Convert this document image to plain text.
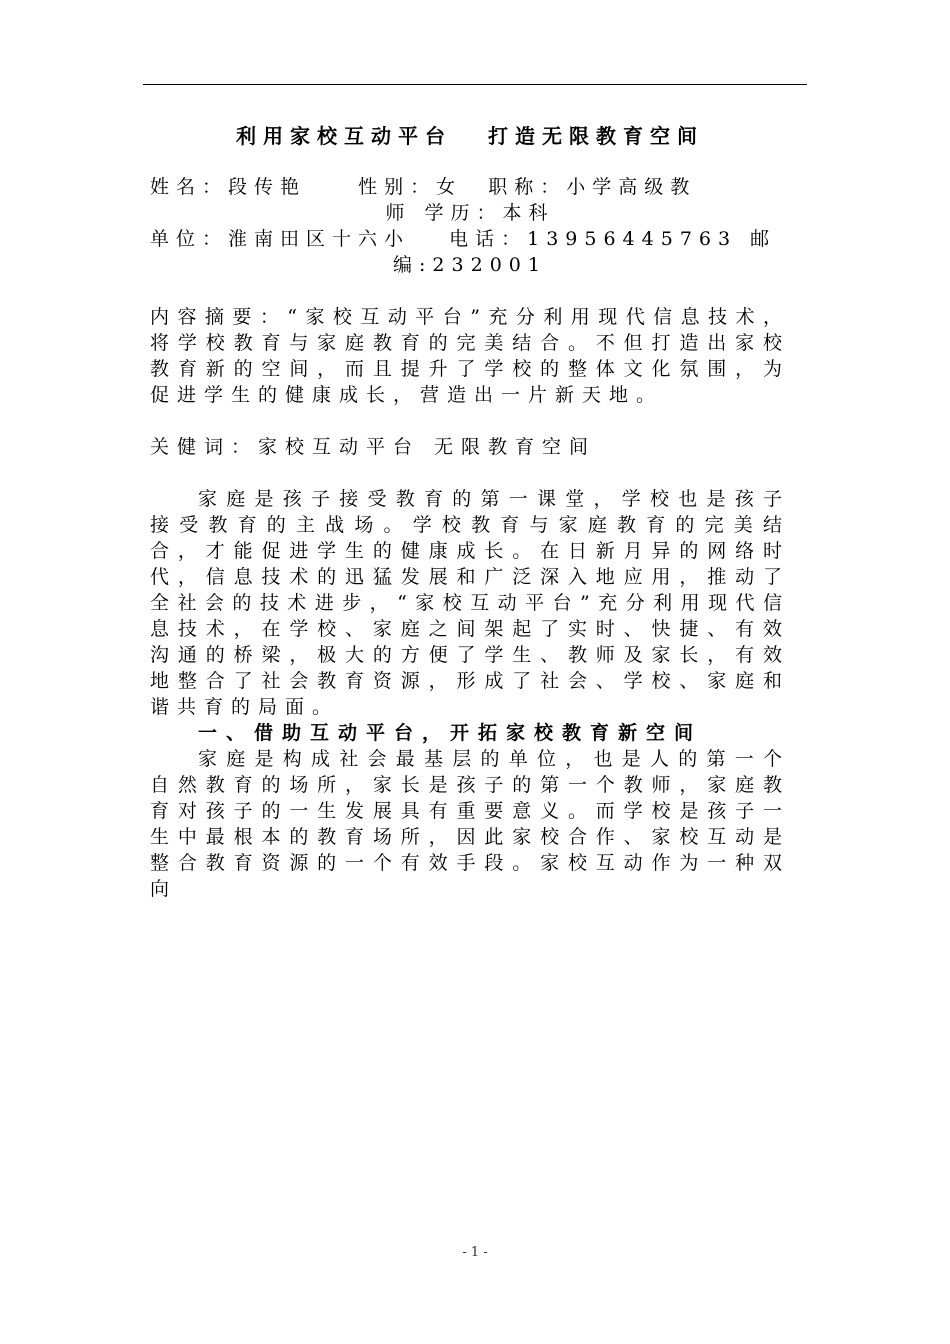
利用家校互动平台 打造无限教育空间
姓名：段传艳    性别：女  职称：小学高级教
师 学历：本科
单位：淮南田区十六小   电话：13956445763 邮
编:232001

内容摘要：“家校互动平台”充分利用现代信息技术，将学校教育与家庭教育的完美结合。不但打造出家校教育新的空间，而且提升了学校的整体文化氛围，为促进学生的健康成长，营造出一片新天地。

关健词：家校互动平台 无限教育空间

家庭是孩子接受教育的第一课堂，学校也是孩子接受教育的主战场。学校教育与家庭教育的完美结合，才能促进学生的健康成长。在日新月异的网络时代，信息技术的迅猛发展和广泛深入地应用，推动了全社会的技术进步，“家校互动平台”充分利用现代信息技术，在学校、家庭之间架起了实时、快捷、有效沟通的桥梁，极大的方便了学生、教师及家长，有效地整合了社会教育资源，形成了社会、学校、家庭和谐共育的局面。

一、借助互动平台，开拓家校教育新空间

家庭是构成社会最基层的单位，也是人的第一个自然教育的场所，家长是孩子的第一个教师，家庭教育对孩子的一生发展具有重要意义。而学校是孩子一生中最根本的教育场所，因此家校合作、家校互动是整合教育资源的一个有效手段。家校互动作为一种双向

- 1 -
